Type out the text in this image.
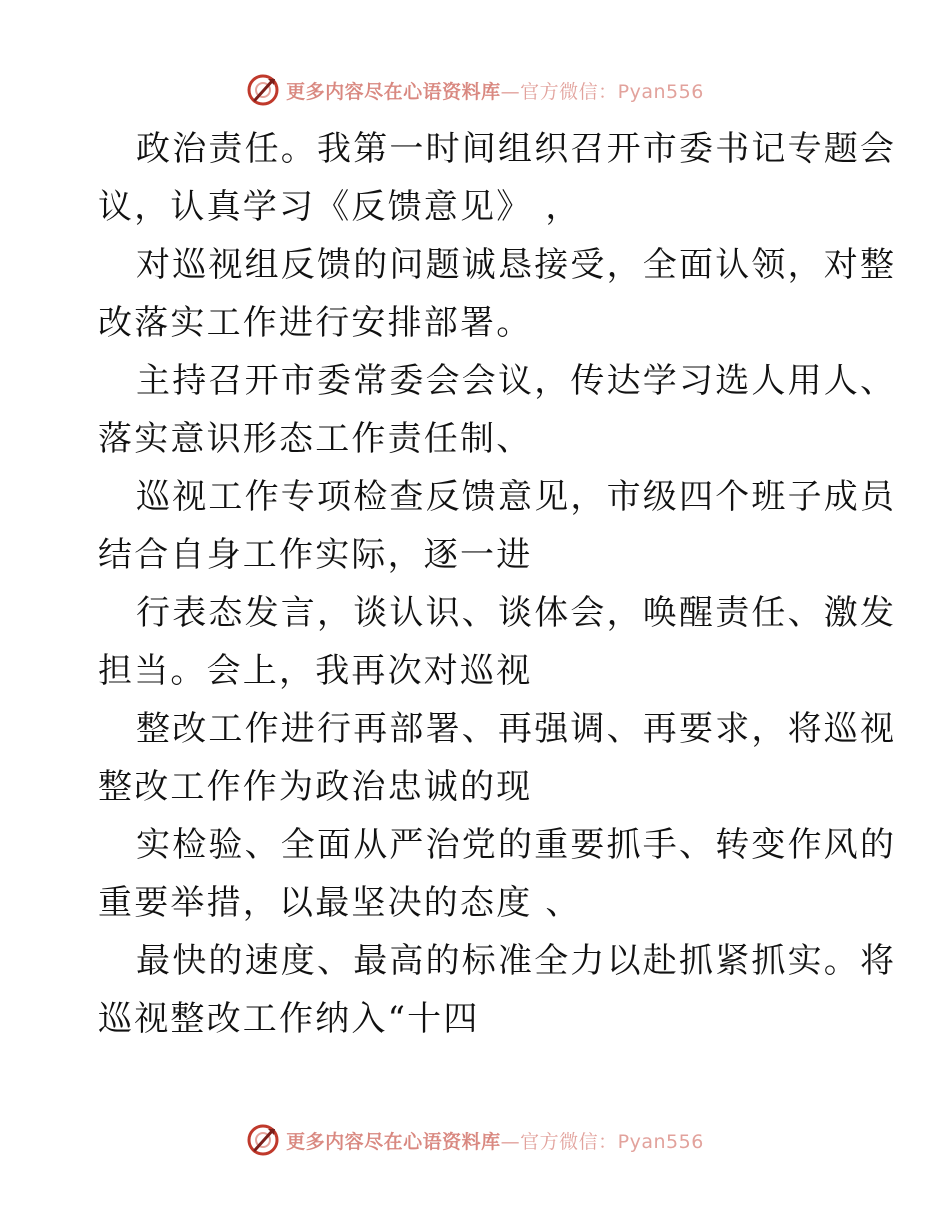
更多内容尽在心语资料库—官方微信：Pyan556
政治责任。我第一时间组织召开市委书记专题会
议，认真学习《反馈意见》 ，
对巡视组反馈的问题诚恳接受，全面认领，对整
改落实工作进行安排部署。
主持召开市委常委会会议，传达学习选人用人、
落实意识形态工作责任制、
巡视工作专项检查反馈意见，市级四个班子成员
结合自身工作实际，逐一进
行表态发言，谈认识、谈体会，唤醒责任、激发
担当。会上，我再次对巡视
整改工作进行再部署、再强调、再要求，将巡视
整改工作作为政治忠诚的现
实检验、全面从严治党的重要抓手、转变作风的
重要举措，以最坚决的态度 、
最快的速度、最高的标准全力以赴抓紧抓实。将
巡视整改工作纳入“十四
更多内容尽在心语资料库—官方微信：Pyan556
